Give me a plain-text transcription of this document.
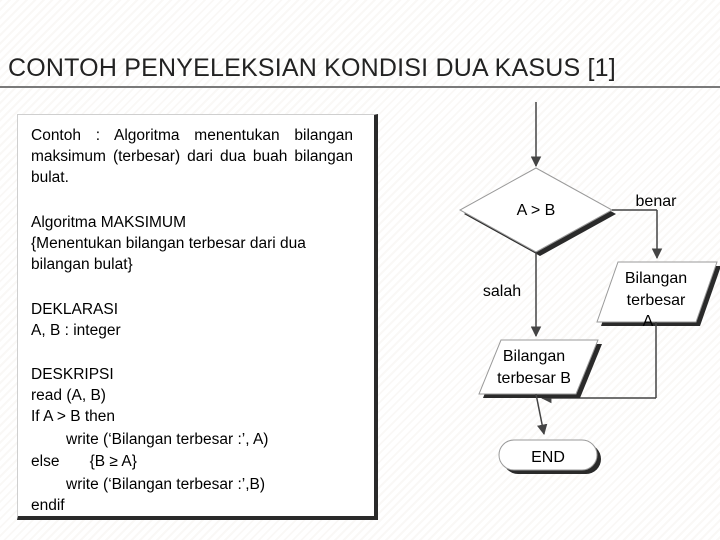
CONTOH PENYELEKSIAN KONDISI DUA KASUS [1]
Contoh : Algoritma menentukan bilangan maksimum (terbesar) dari dua buah bilangan bulat.
Algoritma MAKSIMUM
{Menentukan bilangan terbesar dari dua
bilangan bulat}
DEKLARASI
A, B : integer
DESKRIPSI
read (A, B)
If A > B then
write (‘Bilangan terbesar :’, A)
else       {B ≥ A}
write (‘Bilangan terbesar :’,B)
endif
A > B
benar
salah
Bilangan
terbesar
A
Bilangan
terbesar B
END
